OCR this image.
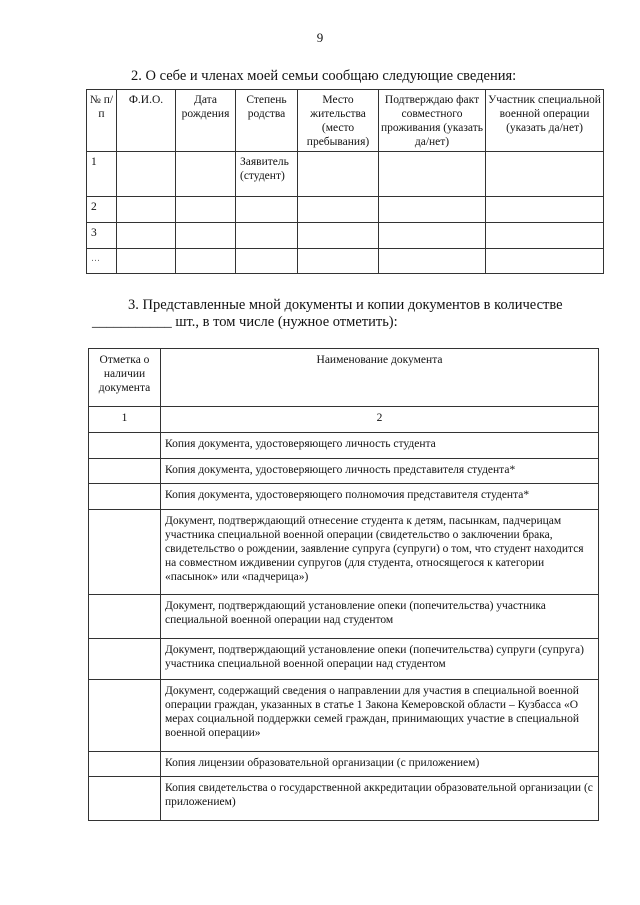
9
2. О себе и членах моей семьи сообщаю следующие сведения:
№ п/п	Ф.И.О.	Дата рождения	Степень родства	Место жительства (место пребывания)	Подтверждаю факт совместного проживания (указать да/нет)	Участник специальной военной операции (указать да/нет)
1			Заявитель (студент)			
2						
3						
…						
3. Представленные мной документы и копии документов в количестве
___________ шт., в том числе (нужное отметить):
Отметка о наличии документа	Наименование документа
1	2
	Копия документа, удостоверяющего личность студента
	Копия документа, удостоверяющего личность представителя студента*
	Копия документа, удостоверяющего полномочия представителя студента*
	Документ, подтверждающий отнесение студента к детям, пасынкам, падчерицам участника специальной военной операции (свидетельство о заключении брака, свидетельство о рождении, заявление супруга (супруги) о том, что студент находится на совместном иждивении супругов (для студента, относящегося к категории «пасынок» или «падчерица»)
	Документ, подтверждающий установление опеки (попечительства) участника специальной военной операции над студентом
	Документ, подтверждающий установление опеки (попечительства) супруги (супруга) участника специальной военной операции над студентом
	Документ, содержащий сведения о направлении для участия в специальной военной операции граждан, указанных в статье 1 Закона Кемеровской области – Кузбасса «О мерах социальной поддержки семей граждан, принимающих участие в специальной военной операции»
	Копия лицензии образовательной организации (с приложением)
	Копия свидетельства о государственной аккредитации образовательной организации (с приложением)
